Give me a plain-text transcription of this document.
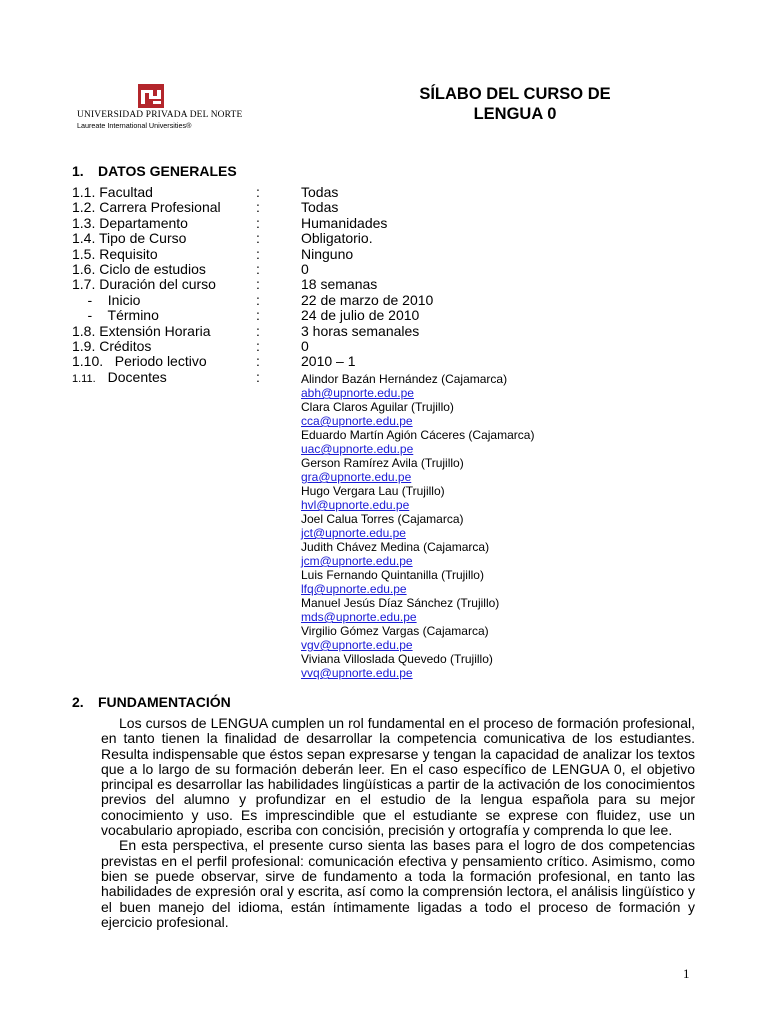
UNIVERSIDAD PRIVADA DEL NORTE
Laureate International Universities®
SÍLABO DEL CURSO DE
LENGUA 0
1. DATOS GENERALES
1.1. Facultad	:	Todas
1.2. Carrera Profesional	:	Todas
1.3. Departamento	:	Humanidades
1.4. Tipo de Curso	:	Obligatorio.
1.5. Requisito	:	Ninguno
1.6. Ciclo de estudios	:	0
1.7. Duración del curso	:	18 semanas
-    Inicio	:	22 de marzo de 2010
-    Término	:	24 de julio de 2010
1.8. Extensión Horaria	:	3 horas semanales
1.9. Créditos	:	0
1.10.   Periodo lectivo	:	2010 – 1
1.11. Docentes	:	Alindor Bazán Hernández (Cajamarca)
abh@upnorte.edu.pe
Clara Claros Aguilar (Trujillo)
cca@upnorte.edu.pe
Eduardo Martín Agión Cáceres (Cajamarca)
uac@upnorte.edu.pe
Gerson Ramírez Avila (Trujillo)
gra@upnorte.edu.pe
Hugo Vergara Lau (Trujillo)
hvl@upnorte.edu.pe
Joel Calua Torres (Cajamarca)
jct@upnorte.edu.pe
Judith Chávez Medina (Cajamarca)
jcm@upnorte.edu.pe
Luis Fernando Quintanilla (Trujillo)
lfq@upnorte.edu.pe
Manuel Jesús Díaz Sánchez (Trujillo)
mds@upnorte.edu.pe
Virgilio Gómez Vargas (Cajamarca)
vgv@upnorte.edu.pe
Viviana Villoslada Quevedo (Trujillo)
vvq@upnorte.edu.pe
2. FUNDAMENTACIÓN

Los cursos de LENGUA cumplen un rol fundamental en el proceso de formación profesional, en tanto tienen la finalidad de desarrollar la competencia comunicativa de los estudiantes. Resulta indispensable que éstos sepan expresarse y tengan la capacidad de analizar los textos que a lo largo de su formación deberán leer. En el caso específico de LENGUA 0, el objetivo principal es desarrollar las habilidades lingüísticas a partir de la activación de los conocimientos previos del alumno y profundizar en el estudio de la lengua española para su mejor conocimiento y uso. Es imprescindible que el estudiante se exprese con fluidez, use un vocabulario apropiado, escriba con concisión, precisión y ortografía y comprenda lo que lee.

En esta perspectiva, el presente curso sienta las bases para el logro de dos competencias previstas en el perfil profesional: comunicación efectiva y pensamiento crítico. Asimismo, como bien se puede observar, sirve de fundamento a toda la formación profesional, en tanto las habilidades de expresión oral y escrita, así como la comprensión lectora, el análisis lingüístico y el buen manejo del idioma, están íntimamente ligadas a todo el proceso de formación y ejercicio profesional.

1
